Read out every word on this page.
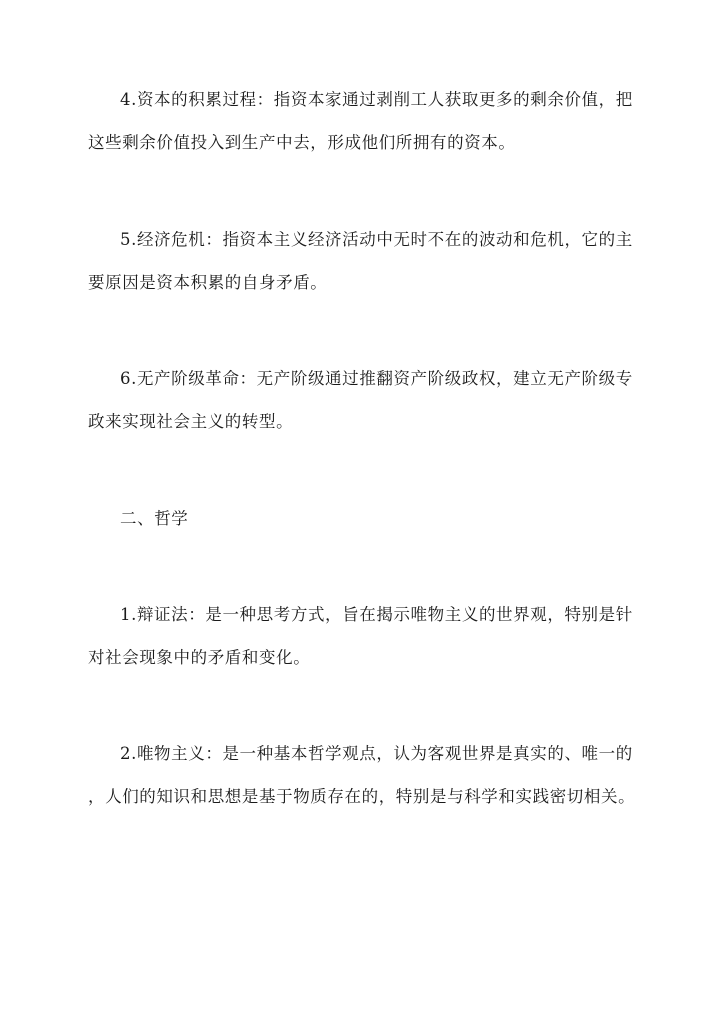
4.资本的积累过程：指资本家通过剥削工人获取更多的剩余价值，把
这些剩余价值投入到生产中去，形成他们所拥有的资本。
5.经济危机：指资本主义经济活动中无时不在的波动和危机，它的主
要原因是资本积累的自身矛盾。
6.无产阶级革命：无产阶级通过推翻资产阶级政权，建立无产阶级专
政来实现社会主义的转型。
二、哲学
1.辩证法：是一种思考方式，旨在揭示唯物主义的世界观，特别是针
对社会现象中的矛盾和变化。
2.唯物主义：是一种基本哲学观点，认为客观世界是真实的、唯一的
，人们的知识和思想是基于物质存在的，特别是与科学和实践密切相关。
